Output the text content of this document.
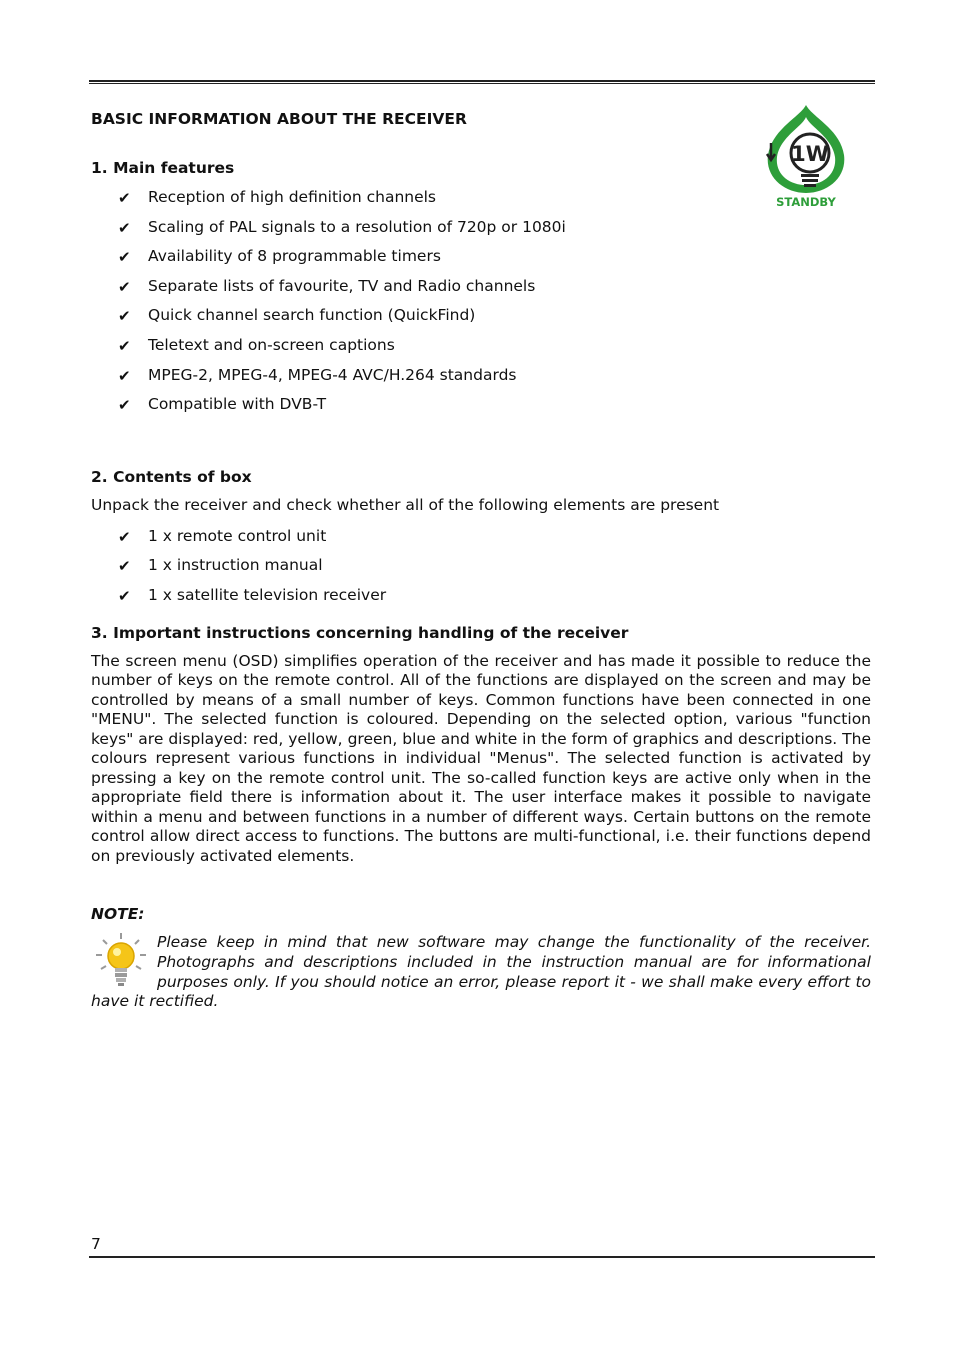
1W
STANDBY

BASIC INFORMATION ABOUT THE RECEIVER

1. Main features
✔ Reception of high definition channels
✔ Scaling of PAL signals to a resolution of 720p or 1080i
✔ Availability of 8 programmable timers
✔ Separate lists of favourite, TV and Radio channels
✔ Quick channel search function (QuickFind)
✔ Teletext and on-screen captions
✔ MPEG-2, MPEG-4, MPEG-4 AVC/H.264 standards
✔ Compatible with DVB-T
2. Contents of box

Unpack the receiver and check whether all of the following elements are present

✔ 1 x remote control unit
✔ 1 x instruction manual
✔ 1 x satellite television receiver
3. Important instructions concerning handling of the receiver

The screen menu (OSD) simplifies operation of the receiver and has made it possible to reduce the number of keys on the remote control. All of the functions are displayed on the screen and may be controlled by means of a small number of keys. Common functions have been connected in one "MENU". The selected function is coloured. Depending on the selected option, various "function keys" are displayed: red, yellow, green, blue and white in the form of graphics and descriptions. The colours represent various functions in individual "Menus". The selected function is activated by pressing a key on the remote control unit. The so-called function keys are active only when in the appropriate field there is information about it. The user interface makes it possible to navigate within a menu and between functions in a number of different ways. Certain buttons on the remote control allow direct access to functions. The buttons are multi-functional, i.e. their functions depend on previously activated elements.

NOTE:

Please keep in mind that new software may change the functionality of the receiver. Photographs and descriptions included in the instruction manual are for informational purposes only. If you should notice an error, please report it - we shall make every effort to have it rectified.

7
